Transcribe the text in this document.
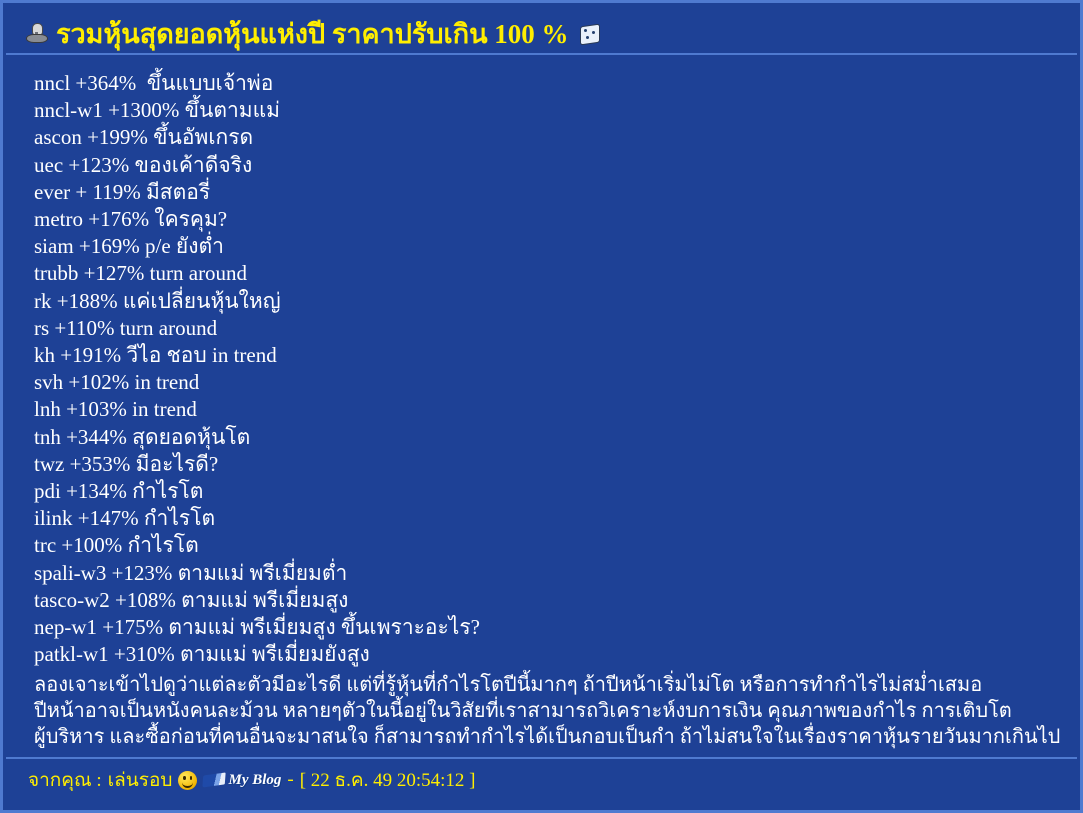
รวมหุ้นสุดยอดหุ้นแห่งปี ราคาปรับเกิน 100 %
nncl +364%  ขึ้นแบบเจ้าพ่อ
nncl-w1 +1300% ขึ้นตามแม่
ascon +199% ขึ้นอัพเกรด
uec +123% ของเค้าดีจริง
ever + 119% มีสตอรี่
metro +176% ใครคุม?
siam +169% p/e ยังต่ำ
trubb +127% turn around
rk +188% แค่เปลี่ยนหุ้นใหญ่
rs +110% turn around
kh +191% วีไอ ชอบ in trend
svh +102% in trend
lnh +103% in trend
tnh +344% สุดยอดหุ้นโต
twz +353% มีอะไรดี?
pdi +134% กำไรโต
ilink +147% กำไรโต
trc +100% กำไรโต
spali-w3 +123% ตามแม่ พรีเมี่ยมต่ำ
tasco-w2 +108% ตามแม่ พรีเมี่ยมสูง
nep-w1 +175% ตามแม่ พรีเมี่ยมสูง ขึ้นเพราะอะไร?
patkl-w1 +310% ตามแม่ พรีเมี่ยมยังสูง
ลองเจาะเข้าไปดูว่าแต่ละตัวมีอะไรดี แต่ที่รู้หุ้นที่กำไรโตปีนี้มากๆ ถ้าปีหน้าเริ่มไม่โต หรือการทำกำไรไม่สม่ำเสมอ
ปีหน้าอาจเป็นหนังคนละม้วน หลายๆตัวในนี้อยู่ในวิสัยที่เราสามารถวิเคราะห์งบการเงิน คุณภาพของกำไร การเติบโต
ผู้บริหาร และซื้อก่อนที่คนอื่นจะมาสนใจ ก็สามารถทำกำไรได้เป็นกอบเป็นกำ ถ้าไม่สนใจในเรื่องราคาหุ้นรายวันมากเกินไป
จากคุณ : เล่นรอบ	My Blog - [ 22 ธ.ค. 49 20:54:12 ]
